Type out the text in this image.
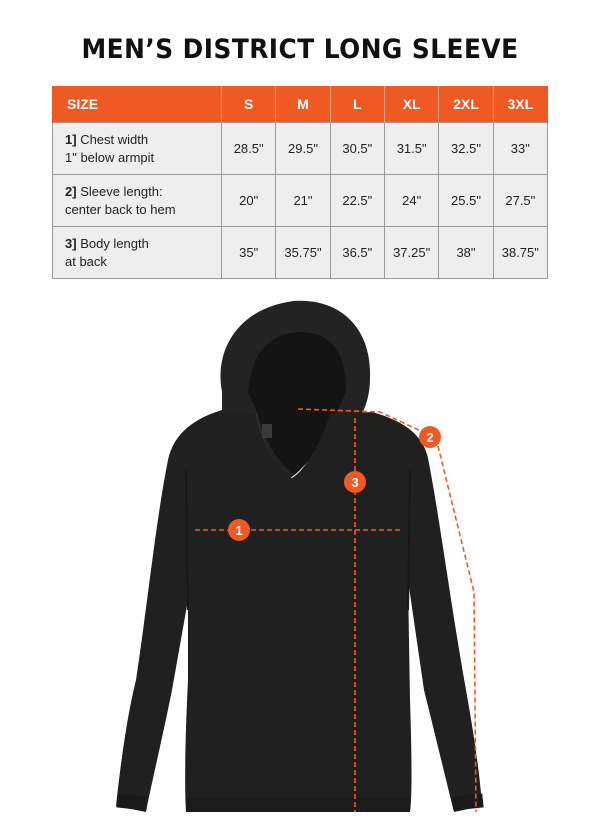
MEN’S DISTRICT LONG SLEEVE
SIZE	S	M	L	XL	2XL	3XL
1] Chest width
1" below armpit	28.5"	29.5"	30.5"	31.5"	32.5"	33"
2] Sleeve length:
center back to hem	20"	21"	22.5"	24"	25.5"	27.5"
3] Body length
at back	35"	35.75"	36.5"	37.25"	38"	38.75"
1
2
3
